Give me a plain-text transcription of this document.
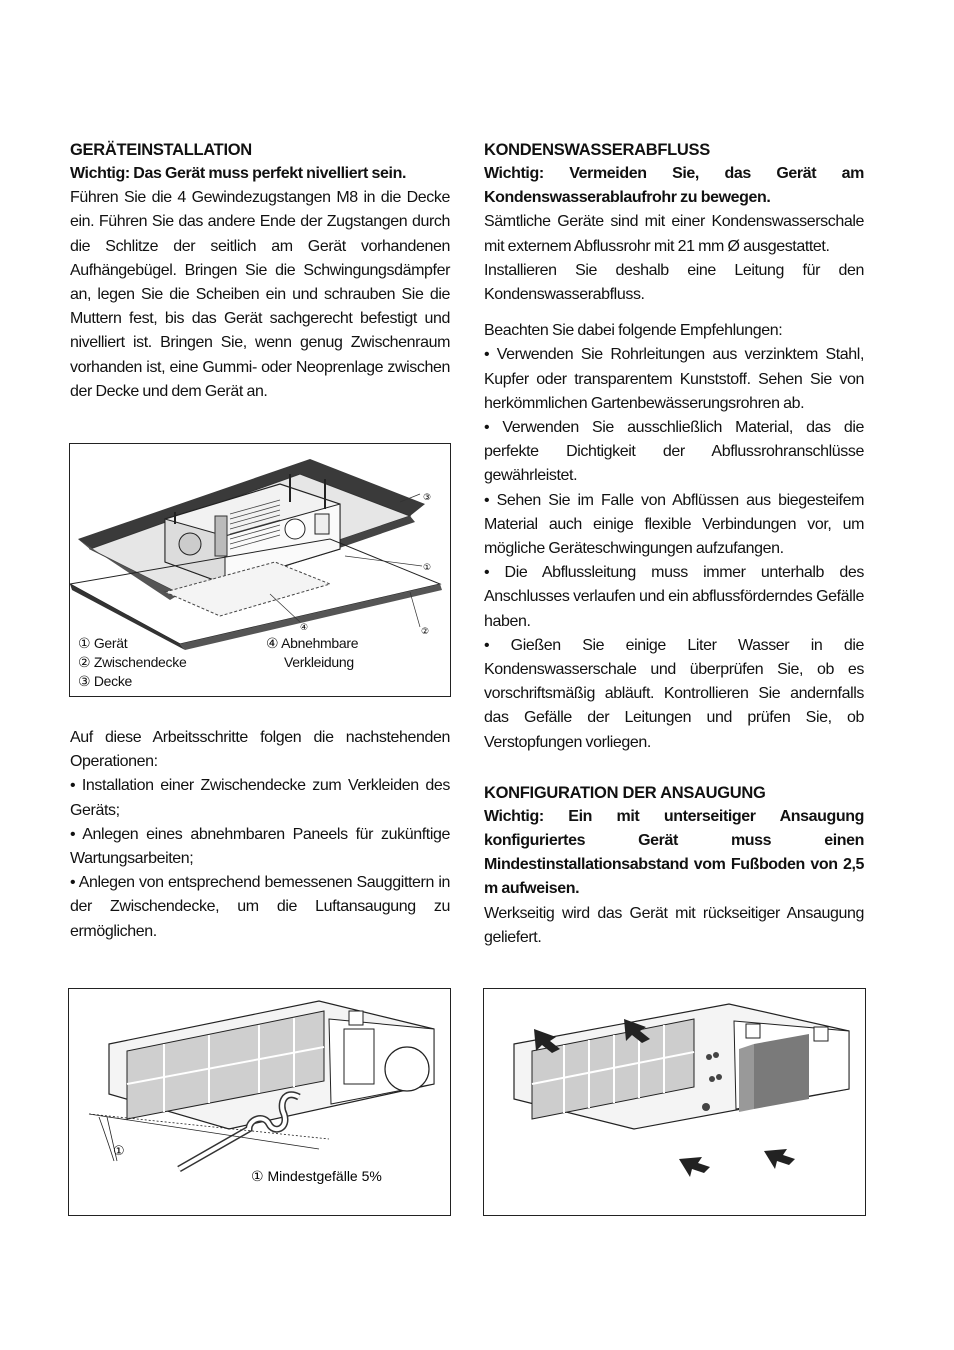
GERÄTEINSTALLATION

Wichtig: Das Gerät muss perfekt nivelliert sein.

Führen Sie die 4 Gewindezugstangen M8 in die Decke ein. Führen Sie das andere Ende der Zugstangen durch die Schlitze der seitlich am Gerät vorhandenen Aufhängebügel. Bringen Sie die Schwingungsdämpfer an, legen Sie die Scheiben ein und schrauben Sie die Muttern fest, bis das Gerät sachgerecht befestigt und nivelliert ist. Bringen Sie, wenn genug Zwischenraum vorhanden ist, eine Gummi- oder Neoprenlage zwischen der Decke und dem Gerät an.

③
①
②
④
① Gerät
② Zwischendecke
③ Decke
④ Abnehmbare
Verkleidung

Auf diese Arbeitsschritte folgen die nachstehenden Operationen:

• Installation einer Zwischendecke zum Verkleiden des Geräts;

• Anlegen eines abnehmbaren Paneels für zukünftige Wartungsarbeiten;

• Anlegen von entsprechend bemessenen Sauggittern in der Zwischendecke, um die Luftansaugung zu ermöglichen.

①
① Mindestgefälle 5%
KONDENSWASSERABFLUSS

Wichtig: Vermeiden Sie, das Gerät am Kondenswasserablaufrohr zu bewegen.

Sämtliche Geräte sind mit einer Kondenswasserschale mit externem Abflussrohr mit 21 mm Ø ausgestattet.

Installieren Sie deshalb eine Leitung für den Kondenswasserabfluss.

Beachten Sie dabei folgende Empfehlungen:

• Verwenden Sie Rohrleitungen aus verzinktem Stahl, Kupfer oder transparentem Kunststoff. Sehen Sie von herkömmlichen Gartenbewässerungsrohren ab.

• Verwenden Sie ausschließlich Material, das die perfekte Dichtigkeit der Abflussrohranschlüsse gewährleistet.

• Sehen Sie im Falle von Abflüssen aus biegesteifem Material auch einige flexible Verbindungen vor, um mögliche Geräteschwingungen aufzufangen.

• Die Abflussleitung muss immer unterhalb des Anschlusses verlaufen und ein abflussförderndes Gefälle haben.

• Gießen Sie einige Liter Wasser in die Kondenswasserschale und überprüfen Sie, ob es vorschriftsmäßig abläuft. Kontrollieren Sie andernfalls das Gefälle der Leitungen und prüfen Sie, ob Verstopfungen vorliegen.

KONFIGURATION DER ANSAUGUNG

Wichtig: Ein mit unterseitiger Ansaugung konfiguriertes Gerät muss einen Mindestinstallationsabstand vom Fußboden von 2,5 m aufweisen.

Werkseitig wird das Gerät mit rückseitiger Ansaugung geliefert.
